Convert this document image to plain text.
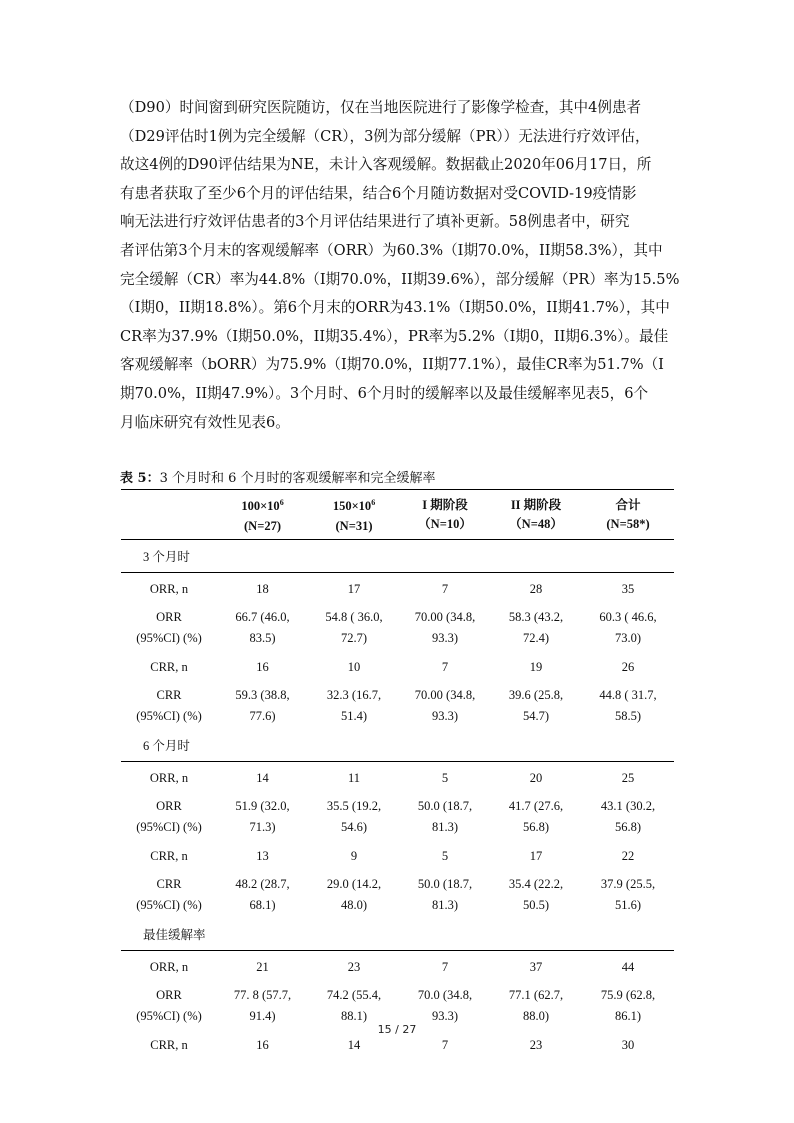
（D90）时间窗到研究医院随访，仅在当地医院进行了影像学检查，其中4例患者
（D29评估时1例为完全缓解（CR），3例为部分缓解（PR））无法进行疗效评估，
故这4例的D90评估结果为NE，未计入客观缓解。数据截止2020年06月17日，所
有患者获取了至少6个月的评估结果，结合6个月随访数据对受COVID-19疫情影
响无法进行疗效评估患者的3个月评估结果进行了填补更新。58例患者中，研究
者评估第3个月末的客观缓解率（ORR）为60.3%（I期70.0%，II期58.3%），其中
完全缓解（CR）率为44.8%（I期70.0%，II期39.6%），部分缓解（PR）率为15.5%
（I期0，II期18.8%）。第6个月末的ORR为43.1%（I期50.0%，II期41.7%），其中
CR率为37.9%（I期50.0%，II期35.4%），PR率为5.2%（I期0，II期6.3%）。最佳
客观缓解率（bORR）为75.9%（I期70.0%，II期77.1%），最佳CR率为51.7%（I
期70.0%，II期47.9%）。3个月时、6个月时的缓解率以及最佳缓解率见表5，6个
月临床研究有效性见表6。
表 5：3 个月时和 6 个月时的客观缓解率和完全缓解率
	$100\times 10^6$
(N=27)	$150\times 10^6$
(N=31)	I 期阶段
（N=10）	II 期阶段
（N=48）	合计
(N=58*)
3 个月时					
ORR, n	18	17	7	28	35
ORR
(95%CI) (%)	66.7 (46.0,
83.5)	54.8 ( 36.0,
72.7)	70.00 (34.8,
93.3)	58.3 (43.2,
72.4)	60.3 ( 46.6,
73.0)
CRR, n	16	10	7	19	26
CRR
(95%CI) (%)	59.3 (38.8,
77.6)	32.3 (16.7,
51.4)	70.00 (34.8,
93.3)	39.6 (25.8,
54.7)	44.8 ( 31.7,
58.5)
6 个月时					
ORR, n	14	11	5	20	25
ORR
(95%CI) (%)	51.9 (32.0,
71.3)	35.5 (19.2,
54.6)	50.0 (18.7,
81.3)	41.7 (27.6,
56.8)	43.1 (30.2,
56.8)
CRR, n	13	9	5	17	22
CRR
(95%CI) (%)	48.2 (28.7,
68.1)	29.0 (14.2,
48.0)	50.0 (18.7,
81.3)	35.4 (22.2,
50.5)	37.9 (25.5,
51.6)
最佳缓解率					
ORR, n	21	23	7	37	44
ORR
(95%CI) (%)	77. 8 (57.7,
91.4)	74.2 (55.4,
88.1)	70.0 (34.8,
93.3)	77.1 (62.7,
88.0)	75.9 (62.8,
86.1)
CRR, n	16	14	7	23	30
15 / 27
